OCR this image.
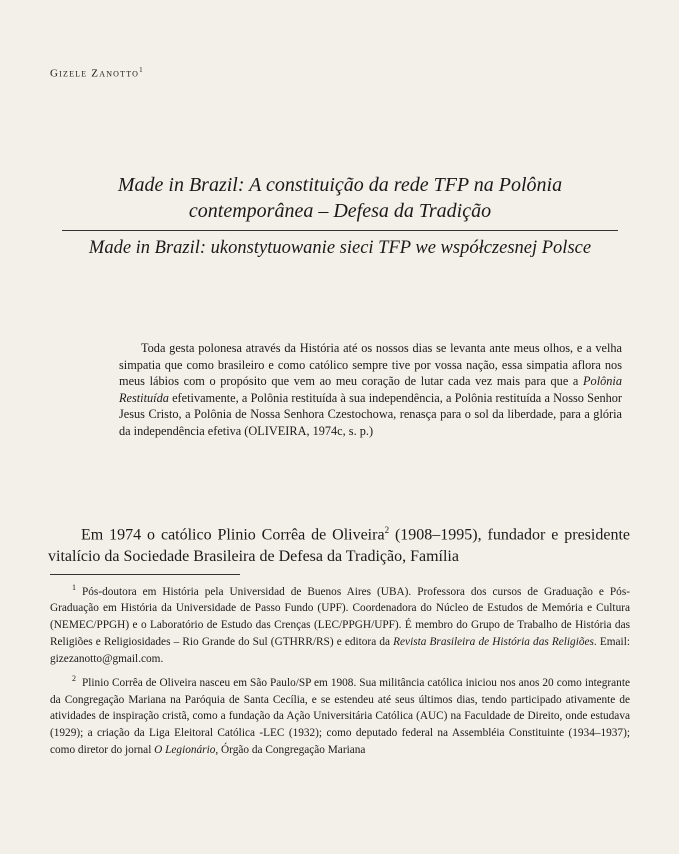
Gizele Zanotto$^1$
Made in Brazil: A constituição da rede TFP na Polônia
contemporânea – Defesa da Tradição
Made in Brazil: ukonstytuowanie sieci TFP we współczesnej Polsce
Toda gesta polonesa através da História até os nossos dias se levanta ante meus olhos, e a velha simpatia que como brasileiro e como católico sempre tive por vossa nação, essa simpatia aflora nos meus lábios com o propósito que vem ao meu coração de lutar cada vez mais para que a Polônia Restituída efetivamente, a Polônia restituída à sua independência, a Polônia restituída a Nosso Senhor Jesus Cristo, a Polônia de Nossa Senhora Czestochowa, renasça para o sol da liberdade, para a glória da independência efetiva (OLIVEIRA, 1974c, s. p.)
Em 1974 o católico Plinio Corrêa de Oliveira$^2$ (1908–1995), fundador e presidente vitalício da Sociedade Brasileira de Defesa da Tradição, Família

$^1$ Pós-doutora em História pela Universidad de Buenos Aires (UBA). Professora dos cursos de Graduação e Pós-Graduação em História da Universidade de Passo Fundo (UPF). Coordenadora do Núcleo de Estudos de Memória e Cultura (NEMEC/PPGH) e o Laboratório de Estudo das Crenças (LEC/PPGH/UPF). É membro do Grupo de Trabalho de História das Religiões e Religiosidades – Rio Grande do Sul (GTHRR/RS) e editora da Revista Brasileira de História das Religiões. Email: gizezanotto@gmail.com.

$^2$ Plinio Corrêa de Oliveira nasceu em São Paulo/SP em 1908. Sua militância católica iniciou nos anos 20 como integrante da Congregação Mariana na Paróquia de Santa Cecília, e se estendeu até seus últimos dias, tendo participado ativamente de atividades de inspiração cristã, como a fundação da Ação Universitária Católica (AUC) na Faculdade de Direito, onde estudava (1929); a criação da Liga Eleitoral Católica -LEC (1932); como deputado federal na Assembléia Constituinte (1934–1937); como diretor do jornal O Legionário, Órgão da Congregação Mariana
